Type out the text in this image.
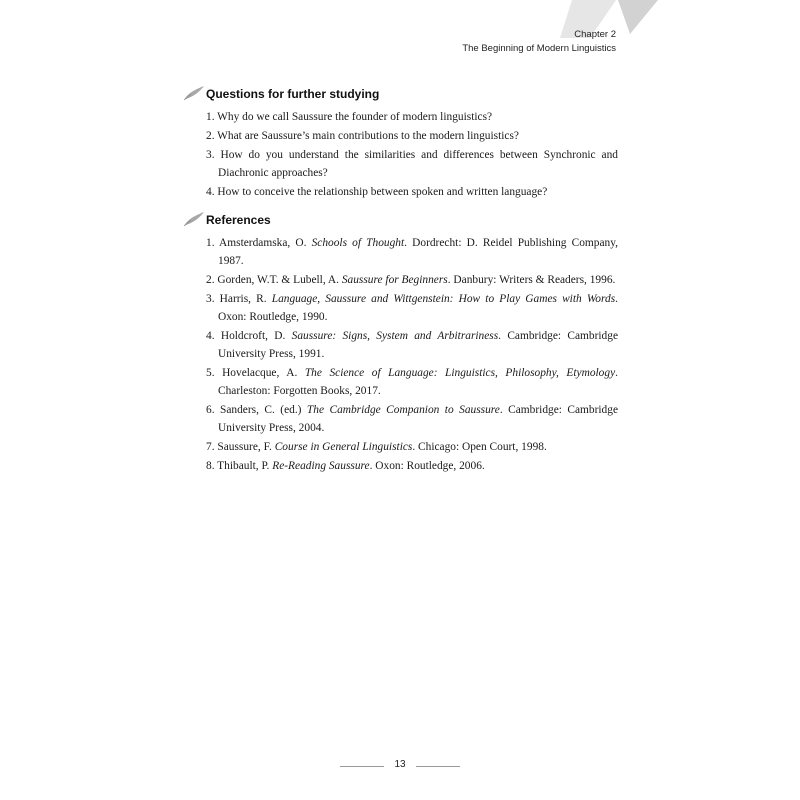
Chapter 2
The Beginning of Modern Linguistics
Questions for further studying
1. Why do we call Saussure the founder of modern linguistics?
2. What are Saussure’s main contributions to the modern linguistics?
3. How do you understand the similarities and differences between Synchronic and Diachronic approaches?
4. How to conceive the relationship between spoken and written language?
References
1. Amsterdamska, O. Schools of Thought. Dordrecht: D. Reidel Publishing Company, 1987.
2. Gorden, W.T. & Lubell, A. Saussure for Beginners. Danbury: Writers & Readers, 1996.
3. Harris, R. Language, Saussure and Wittgenstein: How to Play Games with Words. Oxon: Routledge, 1990.
4. Holdcroft, D. Saussure: Signs, System and Arbitrariness. Cambridge: Cambridge University Press, 1991.
5. Hovelacque, A. The Science of Language: Linguistics, Philosophy, Etymology. Charleston: Forgotten Books, 2017.
6. Sanders, C. (ed.) The Cambridge Companion to Saussure. Cambridge: Cambridge University Press, 2004.
7. Saussure, F. Course in General Linguistics. Chicago: Open Court, 1998.
8. Thibault, P. Re-Reading Saussure. Oxon: Routledge, 2006.
13
